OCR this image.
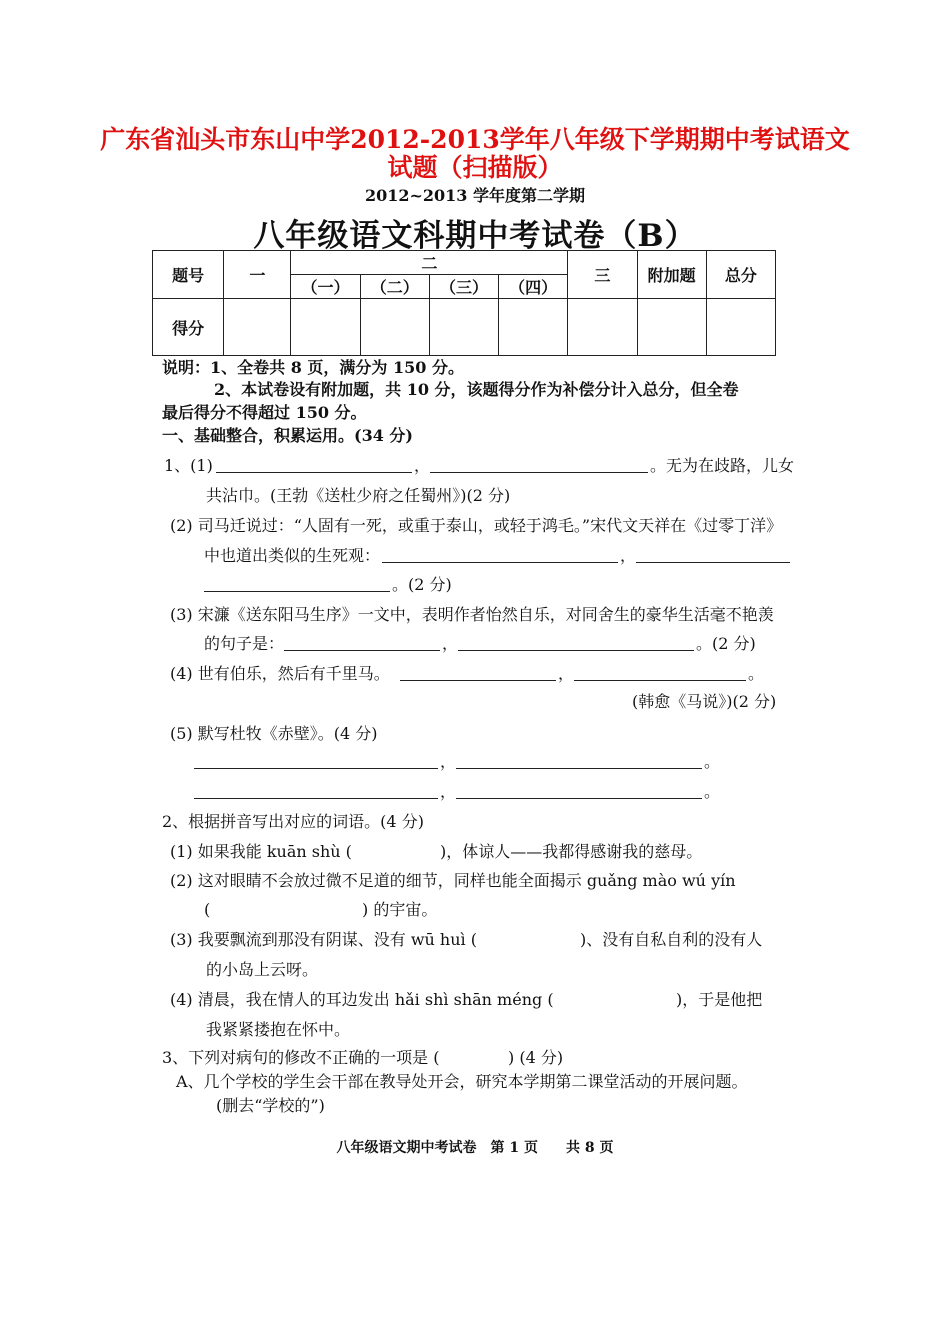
广东省汕头市东山中学2012-2013学年八年级下学期期中考试语文
试题（扫描版）
2012~2013 学年度第二学期
八年级语文科期中考试卷（B）
题号	一	二				三	附加题	总分
		（一）	（二）	（三）	（四）			
得分								
说明：1、全卷共 8 页，满分为 150 分。
2、本试卷设有附加题，共 10 分，该题得分作为补偿分计入总分，但全卷
最后得分不得超过 150 分。
一、基础整合，积累运用。(34 分)
1、(1)	，	。无为在歧路，儿女
共沾巾。(王勃《送杜少府之任蜀州》)(2 分)
(2) 司马迁说过：“人固有一死，或重于泰山，或轻于鸿毛。”宋代文天祥在《过零丁洋》
中也道出类似的生死观：	，
。(2 分)
(3) 宋濂《送东阳马生序》一文中，表明作者怡然自乐，对同舍生的豪华生活毫不艳羡
的句子是：	，	。(2 分)
(4) 世有伯乐，然后有千里马。	，	。
(韩愈《马说》)(2 分)
(5) 默写杜牧《赤壁》。(4 分)
，	。
，	。
2、根据拼音写出对应的词语。(4 分)
(1) 如果我能 kuān shù (	)，体谅人——我都得感谢我的慈母。
(2) 这对眼睛不会放过微不足道的细节，同样也能全面揭示 guǎng mào wú yín
(	) 的宇宙。
(3) 我要飘流到那没有阴谋、没有 wū huì (	)、没有自私自利的没有人
的小岛上云呀。
(4) 清晨，我在情人的耳边发出 hǎi shì shān méng (	)，于是他把
我紧紧搂抱在怀中。
3、下列对病句的修改不正确的一项是 (	) (4 分)
A、几个学校的学生会干部在教导处开会，研究本学期第二课堂活动的开展问题。
(删去“学校的”)
八年级语文期中考试卷　第 1 页　　共 8 页
